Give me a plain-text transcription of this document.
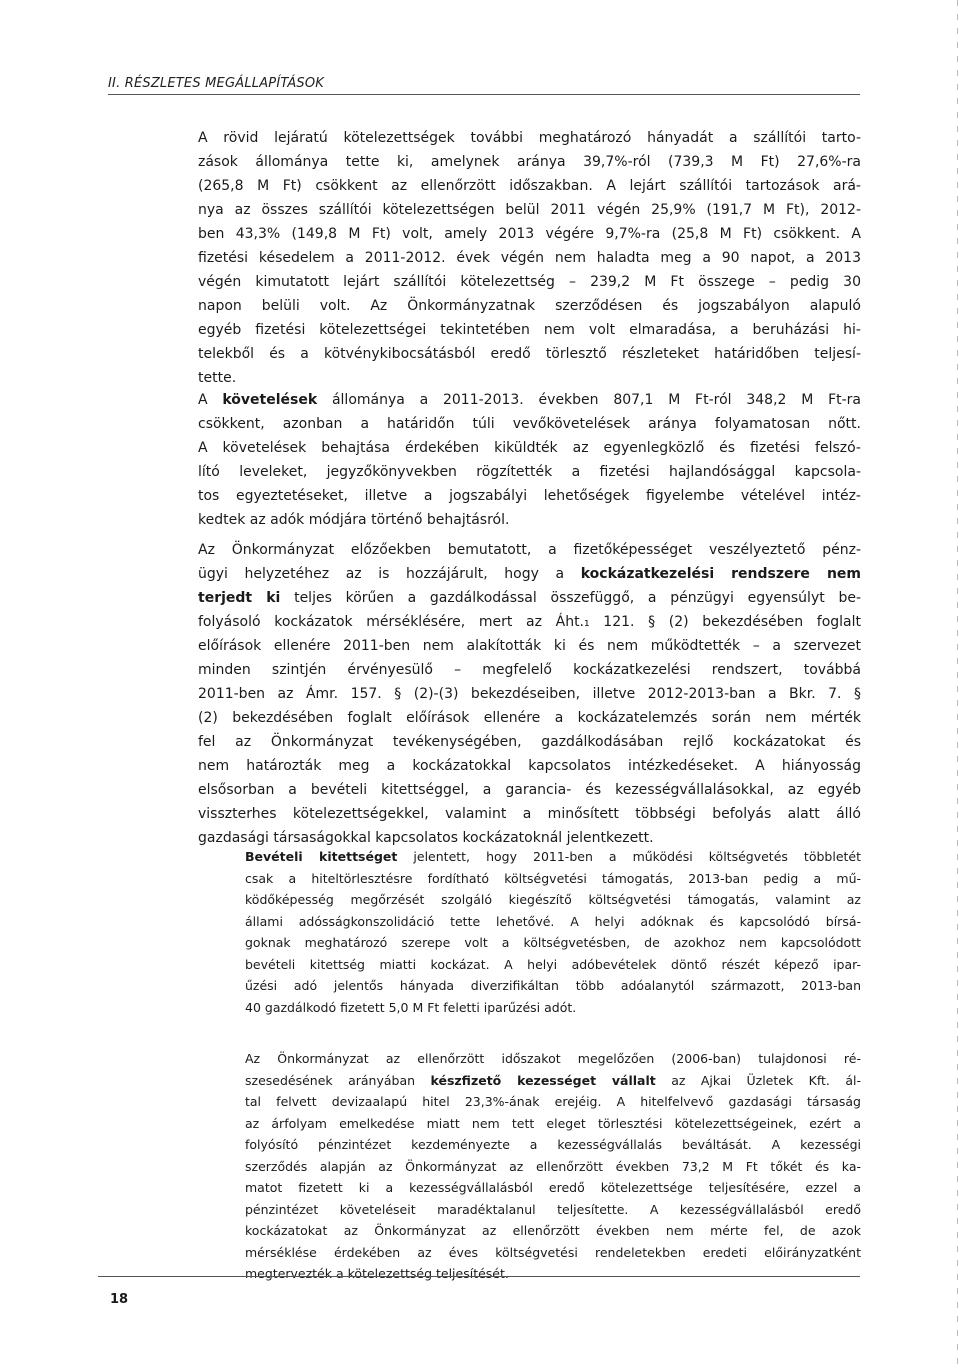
II. RÉSZLETES MEGÁLLAPÍTÁSOK
A rövid lejáratú kötelezettségek további meghatározó hányadát a szállítói tarto-
zások állománya tette ki, amelynek aránya 39,7%-ról (739,3 M Ft) 27,6%-ra
(265,8 M Ft) csökkent az ellenőrzött időszakban. A lejárt szállítói tartozások ará-
nya az összes szállítói kötelezettségen belül 2011 végén 25,9% (191,7 M Ft), 2012-
ben 43,3% (149,8 M Ft) volt, amely 2013 végére 9,7%-ra (25,8 M Ft) csökkent. A
fizetési késedelem a 2011-2012. évek végén nem haladta meg a 90 napot, a 2013
végén kimutatott lejárt szállítói kötelezettség – 239,2 M Ft összege – pedig 30
napon belüli volt. Az Önkormányzatnak szerződésen és jogszabályon alapuló
egyéb fizetési kötelezettségei tekintetében nem volt elmaradása, a beruházási hi-
telekből és a kötvénykibocsátásból eredő törlesztő részleteket határidőben teljesí-
tette.
A követelések állománya a 2011-2013. években 807,1 M Ft-ról 348,2 M Ft-ra
csökkent, azonban a határidőn túli vevőkövetelések aránya folyamatosan nőtt.
A követelések behajtása érdekében kiküldték az egyenlegközlő és fizetési felszó-
lító leveleket, jegyzőkönyvekben rögzítették a fizetési hajlandósággal kapcsola-
tos egyeztetéseket, illetve a jogszabályi lehetőségek figyelembe vételével intéz-
kedtek az adók módjára történő behajtásról.
Az Önkormányzat előzőekben bemutatott, a fizetőképességet veszélyeztető pénz-
ügyi helyzetéhez az is hozzájárult, hogy a kockázatkezelési rendszere nem
terjedt ki teljes körűen a gazdálkodással összefüggő, a pénzügyi egyensúlyt be-
folyásoló kockázatok mérséklésére, mert az Áht.₁ 121. § (2) bekezdésében foglalt
előírások ellenére 2011-ben nem alakították ki és nem működtették – a szervezet
minden szintjén érvényesülő – megfelelő kockázatkezelési rendszert, továbbá
2011-ben az Ámr. 157. § (2)-(3) bekezdéseiben, illetve 2012-2013-ban a Bkr. 7. §
(2) bekezdésében foglalt előírások ellenére a kockázatelemzés során nem mérték
fel az Önkormányzat tevékenységében, gazdálkodásában rejlő kockázatokat és
nem határozták meg a kockázatokkal kapcsolatos intézkedéseket. A hiányosság
elsősorban a bevételi kitettséggel, a garancia- és kezességvállalásokkal, az egyéb
visszterhes kötelezettségekkel, valamint a minősített többségi befolyás alatt álló
gazdasági társaságokkal kapcsolatos kockázatoknál jelentkezett.
Bevételi kitettséget jelentett, hogy 2011-ben a működési költségvetés többletét
csak a hiteltörlesztésre fordítható költségvetési támogatás, 2013-ban pedig a mű-
ködőképesség megőrzését szolgáló kiegészítő költségvetési támogatás, valamint az
állami adósságkonszolidáció tette lehetővé. A helyi adóknak és kapcsolódó bírsá-
goknak meghatározó szerepe volt a költségvetésben, de azokhoz nem kapcsolódott
bevételi kitettség miatti kockázat. A helyi adóbevételek döntő részét képező ipar-
űzési adó jelentős hányada diverzifikáltan több adóalanytól származott, 2013-ban
40 gazdálkodó fizetett 5,0 M Ft feletti iparűzési adót.
Az Önkormányzat az ellenőrzött időszakot megelőzően (2006-ban) tulajdonosi ré-
szesedésének arányában készfizető kezességet vállalt az Ajkai Üzletek Kft. ál-
tal felvett devizaalapú hitel 23,3%-ának erejéig. A hitelfelvevő gazdasági társaság
az árfolyam emelkedése miatt nem tett eleget törlesztési kötelezettségeinek, ezért a
folyósító pénzintézet kezdeményezte a kezességvállalás beváltását. A kezességi
szerződés alapján az Önkormányzat az ellenőrzött években 73,2 M Ft tőkét és ka-
matot fizetett ki a kezességvállalásból eredő kötelezettsége teljesítésére, ezzel a
pénzintézet követeléseit maradéktalanul teljesítette. A kezességvállalásból eredő
kockázatokat az Önkormányzat az ellenőrzött években nem mérte fel, de azok
mérséklése érdekében az éves költségvetési rendeletekben eredeti előirányzatként
megtervezték a kötelezettség teljesítését.
18
